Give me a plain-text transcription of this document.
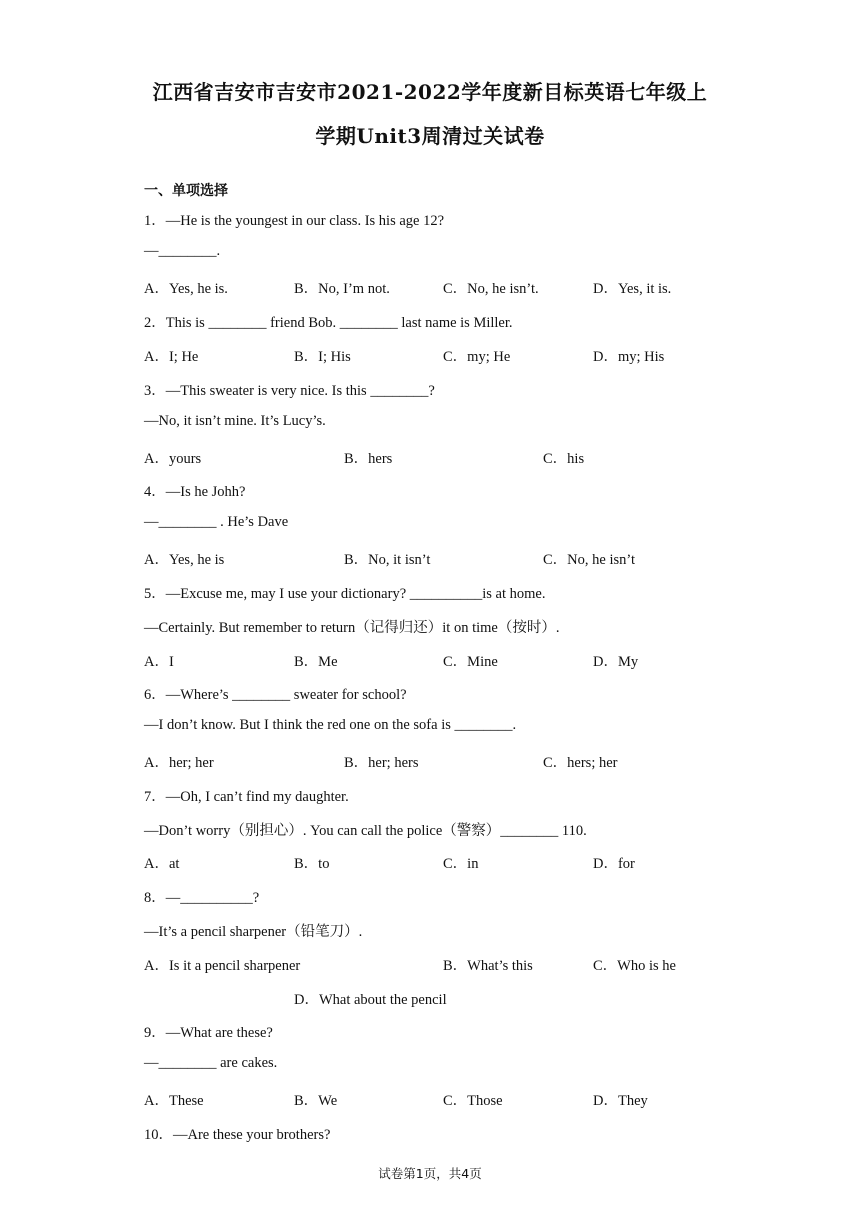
江西省吉安市吉安市2021-2022学年度新目标英语七年级上
学期Unit3周清过关试卷
一、单项选择
1．—He is the youngest in our class. Is his age 12?
—________.
A．Yes, he is.	B．No, I’m not.	C．No, he isn’t.	D．Yes, it is.
2．This is ________ friend Bob. ________ last name is Miller.
A．I; He	B．I; His	C．my; He	D．my; His
3．—This sweater is very nice. Is this ________?
—No, it isn’t mine. It’s Lucy’s.
A．yours	B．hers	C．his
4．—Is he Johh?
—________ . He’s Dave
A．Yes, he is	B．No, it isn’t	C．No, he isn’t
5．—Excuse me, may I use your dictionary? __________is at home.
—Certainly. But remember to return（记得归还）it on time（按时）.
A．I	B．Me	C．Mine	D．My
6．—Where’s ________ sweater for school?
—I don’t know. But I think the red one on the sofa is ________.
A．her; her	B．her; hers	C．hers; her
7．—Oh, I can’t find my daughter.
—Don’t worry（别担心）. You can call the police（警察）________ 110.
A．at	B．to	C．in	D．for
8．—__________?
—It’s a pencil sharpener（铅笔刀）.
A．Is it a pencil sharpener	B．What’s this	C．Who is he
D．What about the pencil
9．—What are these?
—________ are cakes.
A．These	B．We	C．Those	D．They
10．—Are these your brothers?
试卷第1页，共4页
